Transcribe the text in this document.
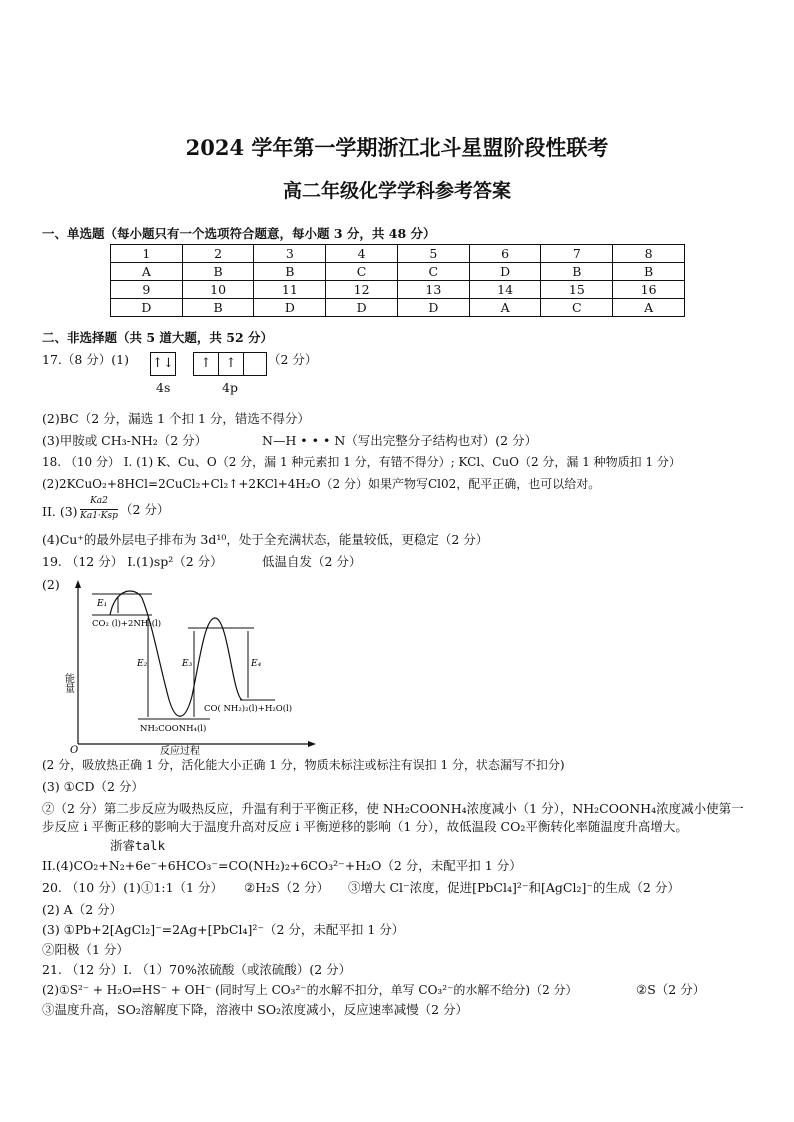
2024 学年第一学期浙江北斗星盟阶段性联考
高二年级化学学科参考答案
一、单选题（每小题只有一个选项符合题意，每小题 3 分，共 48 分）
1	2	3	4	5	6	7	8
A	B	B	C	C	D	B	B
9	10	11	12	13	14	15	16
D	B	D	D	D	A	C	A
二、非选择题（共 5 道大题，共 52 分）
17.（8 分）(1) ↑↓	↑	↑	（2 分）
4s	4p
(2)BC（2 分，漏选 1 个扣 1 分，错选不得分）
(3)甲胺或 CH₃-NH₂（2 分）	N—H • • • N（写出完整分子结构也对）(2 分）
18. （10 分） I. (1) K、Cu、O（2 分，漏 1 种元素扣 1 分，有错不得分）; KCl、CuO（2 分，漏 1 种物质扣 1 分）
(2)2KCuO₂+8HCl=2CuCl₂+Cl₂↑+2KCl+4H₂O（2 分）如果产物写Cl02，配平正确，也可以给对。
II. (3)
Ka2
Ka1·Ksp （2 分）
(4)Cu⁺的最外层电子排布为 3d¹⁰，处于全充满状态，能量较低，更稳定（2 分）
19. （12 分） I.(1)sp²（2 分）	低温自发（2 分）
(2)
能量
反应过程
O
E₁
E₂	E₃	E₄
CO₂ (l)+2NH₃(l)
NH₂COONH₄(l)
CO( NH₂)₂(l)+H₂O(l)
(2 分，吸放热正确 1 分，活化能大小正确 1 分，物质未标注或标注有误扣 1 分，状态漏写不扣分)
(3) ①CD（2 分）
②（2 分）第二步反应为吸热反应，升温有利于平衡正移，使 NH₂COONH₄浓度减小（1 分），NH₂COONH₄浓度减小使第一步反应 i 平衡正移的影响大于温度升高对反应 i 平衡逆移的影响（1 分），故低温段 CO₂平衡转化率随温度升高增大。
浙睿talk
II.(4)CO₂+N₂+6e⁻+6HCO₃⁻=CO(NH₂)₂+6CO₃²⁻+H₂O（2 分，未配平扣 1 分）
20. （10 分）(1)①1:1（1 分） ②H₂S（2 分） ③增大 Cl⁻浓度，促进[PbCl₄]²⁻和[AgCl₂]⁻的生成（2 分）
(2) A（2 分）
(3) ①Pb+2[AgCl₂]⁻=2Ag+[PbCl₄]²⁻（2 分，未配平扣 1 分）
②阳极（1 分）
21. （12 分）I. （1）70%浓硫酸（或浓硫酸）(2 分）
(2)①S²⁻ + H₂O⇌HS⁻ + OH⁻ (同时写上 CO₃²⁻的水解不扣分，单写 CO₃²⁻的水解不给分)（2 分）	②S（2 分）
③温度升高，SO₂溶解度下降，溶液中 SO₂浓度减小，反应速率减慢（2 分）
